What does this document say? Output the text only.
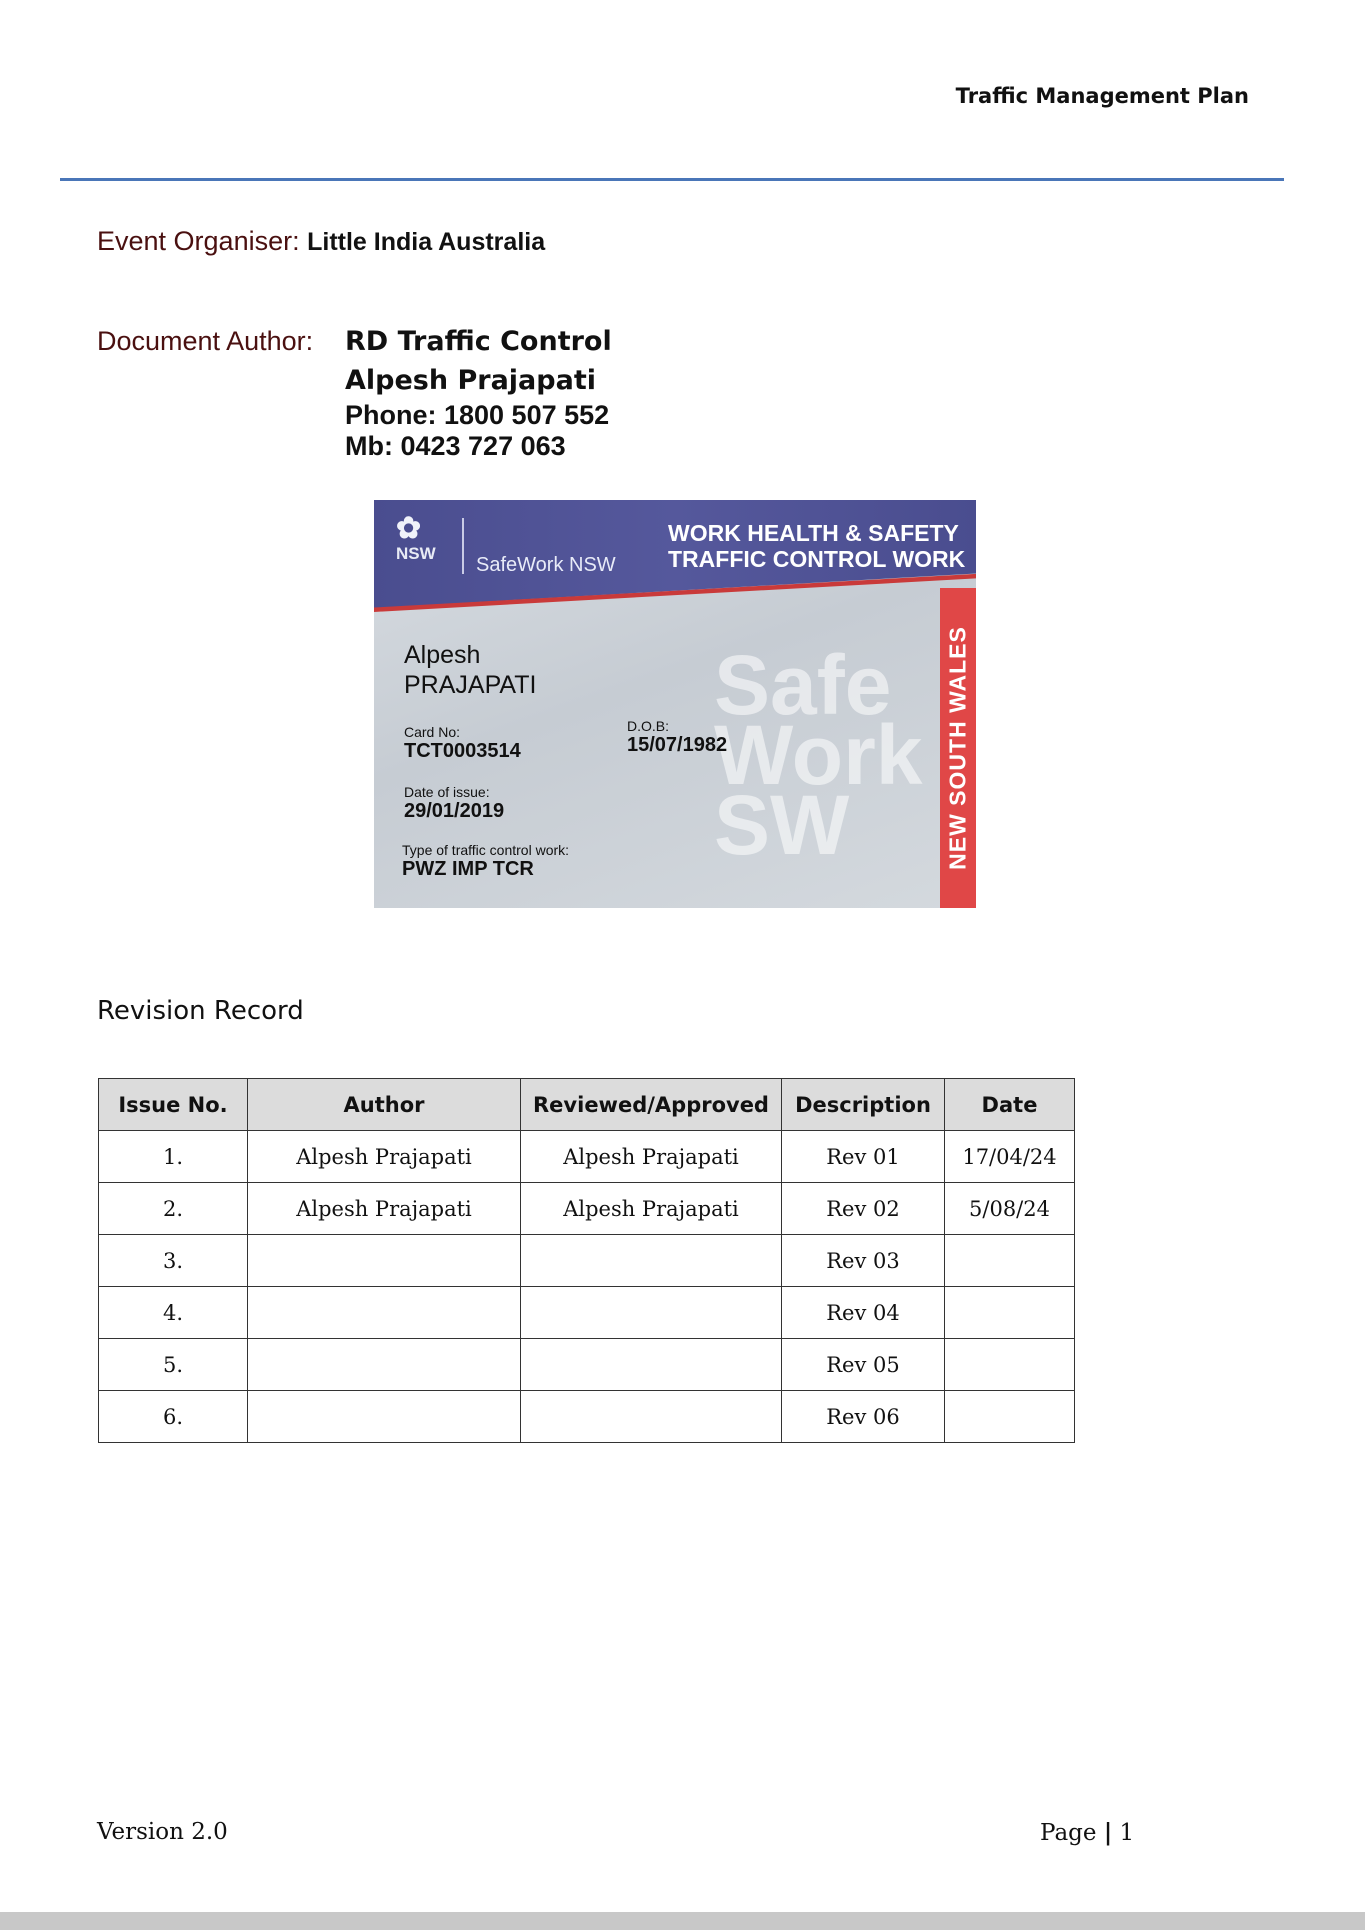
Traffic Management Plan
Event Organiser: Little India Australia
Document Author: RD Traffic Control
Alpesh Prajapati
Phone: 1800 507 552
Mb: 0423 727 063
✿
NSW
SafeWork NSW
WORK HEALTH & SAFETY
TRAFFIC CONTROL WORK
Safe
Work
SW
Alpesh
PRAJAPATI
Card No:
TCT0003514
D.O.B:
15/07/1982
Date of issue:
29/01/2019
Type of traffic control work:
PWZ IMP TCR	NEW SOUTH WALES
Revision Record
Issue No.	Author	Reviewed/Approved	Description	Date
1.	Alpesh Prajapati	Alpesh Prajapati	Rev 01	17/04/24
2.	Alpesh Prajapati	Alpesh Prajapati	Rev 02	5/08/24
3.			Rev 03	
4.			Rev 04	
5.			Rev 05	
6.			Rev 06	
Version 2.0	Page | 1
